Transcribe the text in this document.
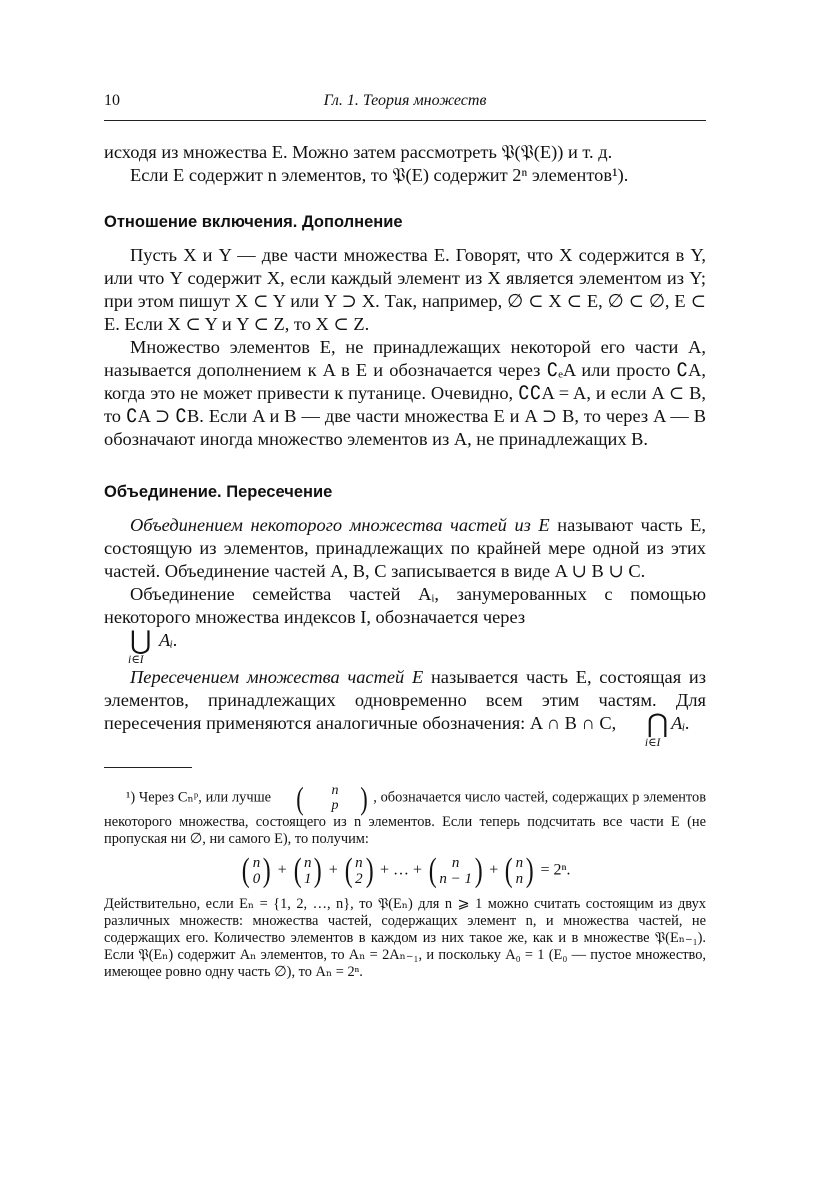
10	Гл. 1. Теория множеств

исходя из множества E. Можно затем рассмотреть 𝔓(𝔓(E)) и т. д.

Если E содержит n элементов, то 𝔓(E) содержит 2ⁿ элементов¹).

Отношение включения. Дополнение

Пусть X и Y — две части множества E. Говорят, что X содержится в Y, или что Y содержит X, если каждый элемент из X является элементом из Y; при этом пишут X ⊂ Y или Y ⊃ X. Так, например, ∅ ⊂ X ⊂ E, ∅ ⊂ ∅, E ⊂ E. Если X ⊂ Y и Y ⊂ Z, то X ⊂ Z.

Множество элементов E, не принадлежащих некоторой его части A, называется дополнением к A в E и обозначается через ∁ₑA или просто ∁A, когда это не может привести к путанице. Очевидно, ∁∁A = A, и если A ⊂ B, то ∁A ⊃ ∁B. Если A и B — две части множества E и A ⊃ B, то через A — B обозначают иногда множество элементов из A, не принадлежащих B.

Объединение. Пересечение

Объединением некоторого множества частей из E называют часть E, состоящую из элементов, принадлежащих по крайней мере одной из этих частей. Объединение частей A, B, C записывается в виде A ∪ B ∪ C.

Объединение семейства частей Aᵢ, занумерованных с помощью некоторого множества индексов I, обозначается через
⋃
i∈I
Aᵢ.

Пересечением множества частей E называется часть E, состоящая из элементов, принадлежащих одновременно всем этим частям. Для пересечения применяются аналогичные обозначения: A ∩ B ∩ C, ⋂
i∈I
Aᵢ.

¹) Через Cₙᵖ, или лучше (	n
p ) , обозначается число частей, содержащих p элементов некоторого множества, состоящего из n элементов. Если теперь подсчитать все части E (не пропуская ни ∅, ни самого E), то получим:

( n
0 ) + ( n
1 ) + ( n
2 ) + … + ( n
n − 1 ) + ( n
n ) = 2ⁿ.

Действительно, если Eₙ = {1, 2, …, n}, то 𝔓(Eₙ) для n ⩾ 1 можно считать состоящим из двух различных множеств: множества частей, содержащих элемент n, и множества частей, не содержащих его. Количество элементов в каждом из них такое же, как и в множестве 𝔓(Eₙ₋₁). Если 𝔓(Eₙ) содержит Aₙ элементов, то Aₙ = 2Aₙ₋₁, и поскольку A₀ = 1 (E₀ — пустое множество, имеющее ровно одну часть ∅), то Aₙ = 2ⁿ.
